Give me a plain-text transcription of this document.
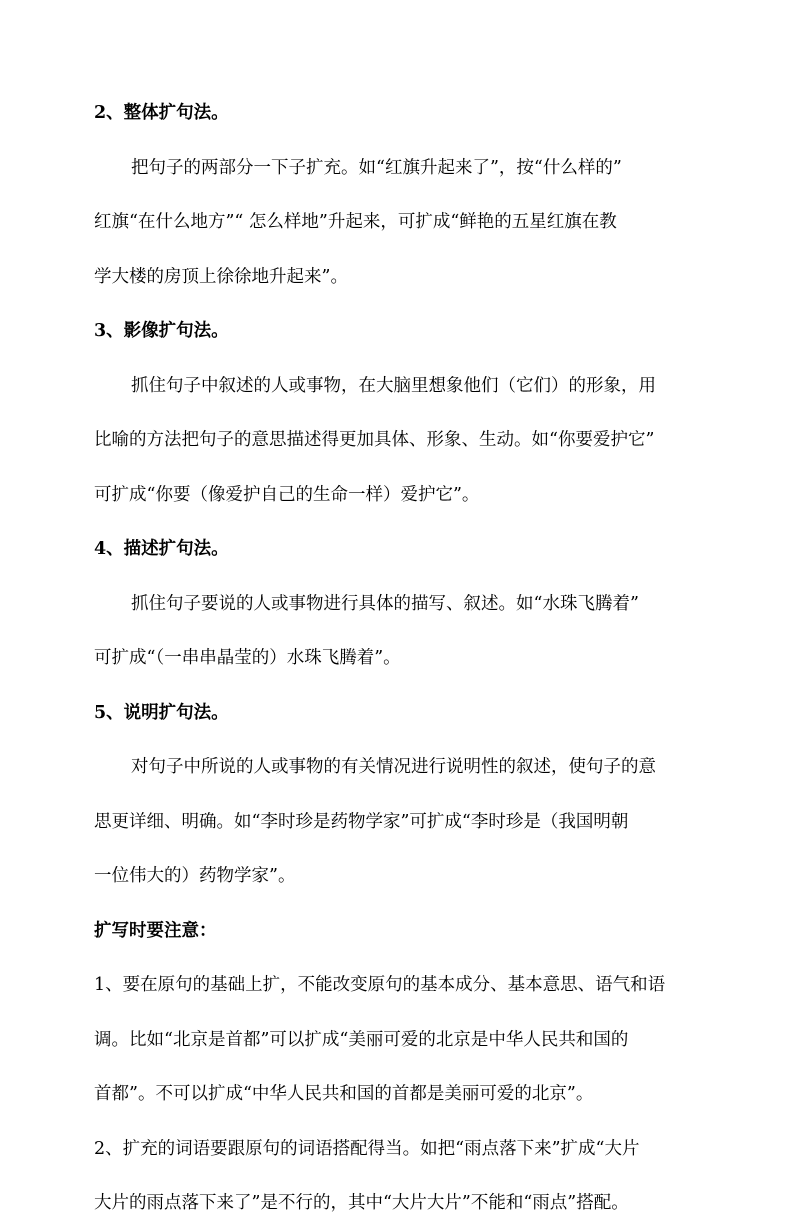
2、整体扩句法。

把句子的两部分一下子扩充。如“红旗升起来了”，按“什么样的”

红旗“在什么地方”“ 怎么样地”升起来，可扩成“鲜艳的五星红旗在教

学大楼的房顶上徐徐地升起来”。

3、影像扩句法。

抓住句子中叙述的人或事物，在大脑里想象他们（它们）的形象，用

比喻的方法把句子的意思描述得更加具体、形象、生动。如“你要爱护它”

可扩成“你要（像爱护自己的生命一样）爱护它”。

4、描述扩句法。

抓住句子要说的人或事物进行具体的描写、叙述。如“水珠飞腾着”

可扩成“（一串串晶莹的）水珠飞腾着”。

5、说明扩句法。

对句子中所说的人或事物的有关情况进行说明性的叙述，使句子的意

思更详细、明确。如“李时珍是药物学家”可扩成“李时珍是（我国明朝

一位伟大的）药物学家”。

扩写时要注意：

1、要在原句的基础上扩，不能改变原句的基本成分、基本意思、语气和语

调。比如“北京是首都”可以扩成“美丽可爱的北京是中华人民共和国的

首都”。不可以扩成“中华人民共和国的首都是美丽可爱的北京”。

2、扩充的词语要跟原句的词语搭配得当。如把“雨点落下来”扩成“大片

大片的雨点落下来了”是不行的，其中“大片大片”不能和“雨点”搭配。
